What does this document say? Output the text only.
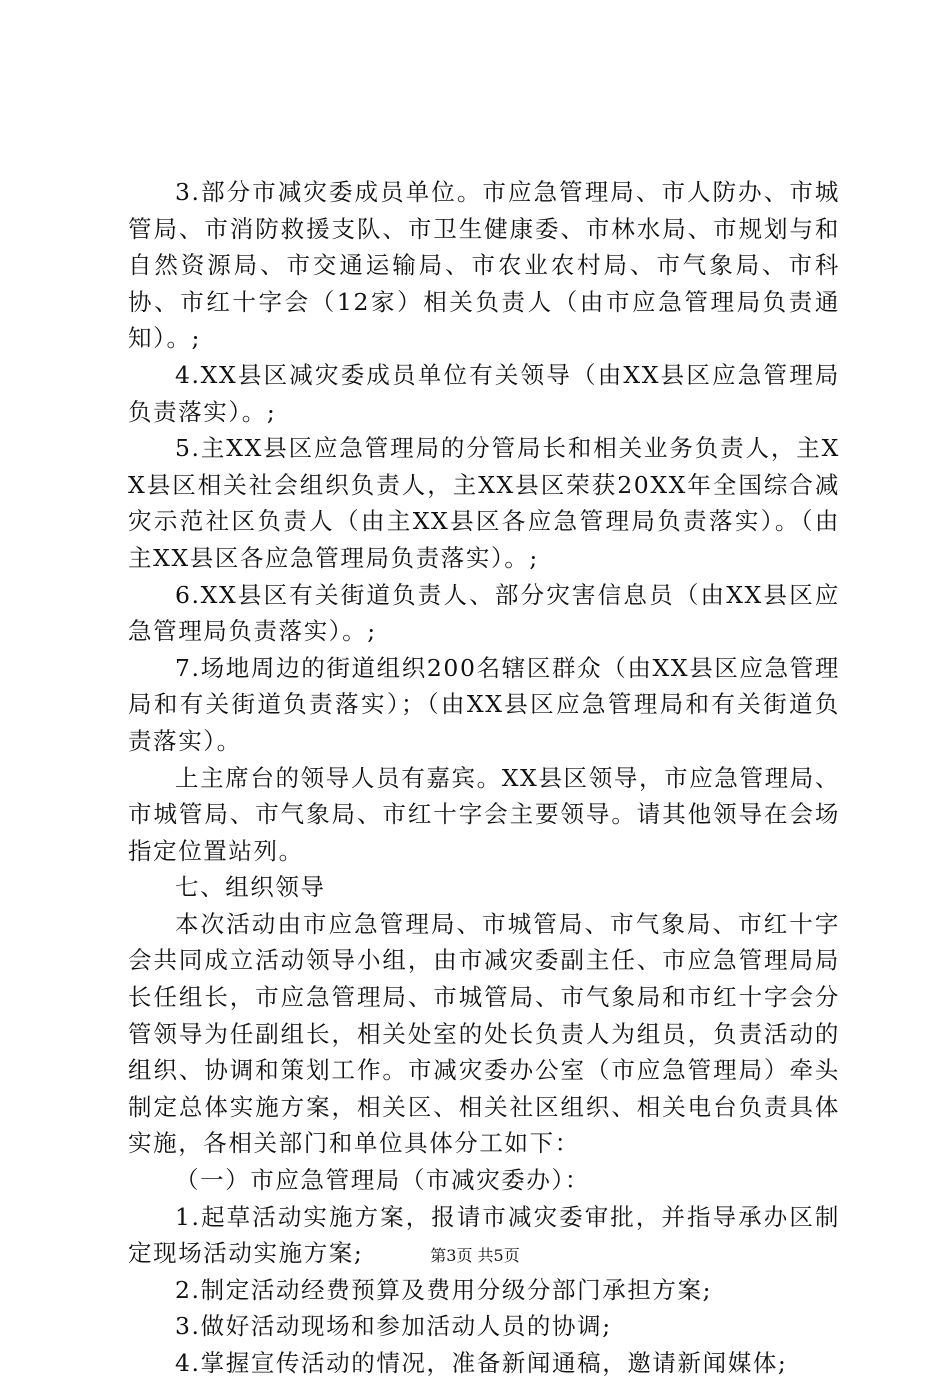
3.部分市减灾委成员单位。市应急管理局、市人防办、市城管局、市消防救援支队、市卫生健康委、市林水局、市规划与和自然资源局、市交通运输局、市农业农村局、市气象局、市科协、市红十字会（12家）相关负责人（由市应急管理局负责通知）。;

4.XX县区减灾委成员单位有关领导（由XX县区应急管理局负责落实）。;

5.主XX县区应急管理局的分管局长和相关业务负责人，主XX县区相关社会组织负责人，主XX县区荣获20XX年全国综合减灾示范社区负责人（由主XX县区各应急管理局负责落实）。（由主XX县区各应急管理局负责落实）。;

6.XX县区有关街道负责人、部分灾害信息员（由XX县区应急管理局负责落实）。;

7.场地周边的街道组织200名辖区群众（由XX县区应急管理局和有关街道负责落实）；（由XX县区应急管理局和有关街道负责落实）。

上主席台的领导人员有嘉宾。XX县区领导，市应急管理局、市城管局、市气象局、市红十字会主要领导。请其他领导在会场指定位置站列。

七、组织领导

本次活动由市应急管理局、市城管局、市气象局、市红十字会共同成立活动领导小组，由市减灾委副主任、市应急管理局局长任组长，市应急管理局、市城管局、市气象局和市红十字会分管领导为任副组长，相关处室的处长负责人为组员，负责活动的组织、协调和策划工作。市减灾委办公室（市应急管理局）牵头制定总体实施方案，相关区、相关社区组织、相关电台负责具体实施，各相关部门和单位具体分工如下：

（一）市应急管理局（市减灾委办）：

1.起草活动实施方案，报请市减灾委审批，并指导承办区制定现场活动实施方案;

2.制定活动经费预算及费用分级分部门承担方案;

3.做好活动现场和参加活动人员的协调;

4.掌握宣传活动的情况，准备新闻通稿，邀请新闻媒体;

第3页 共5页
